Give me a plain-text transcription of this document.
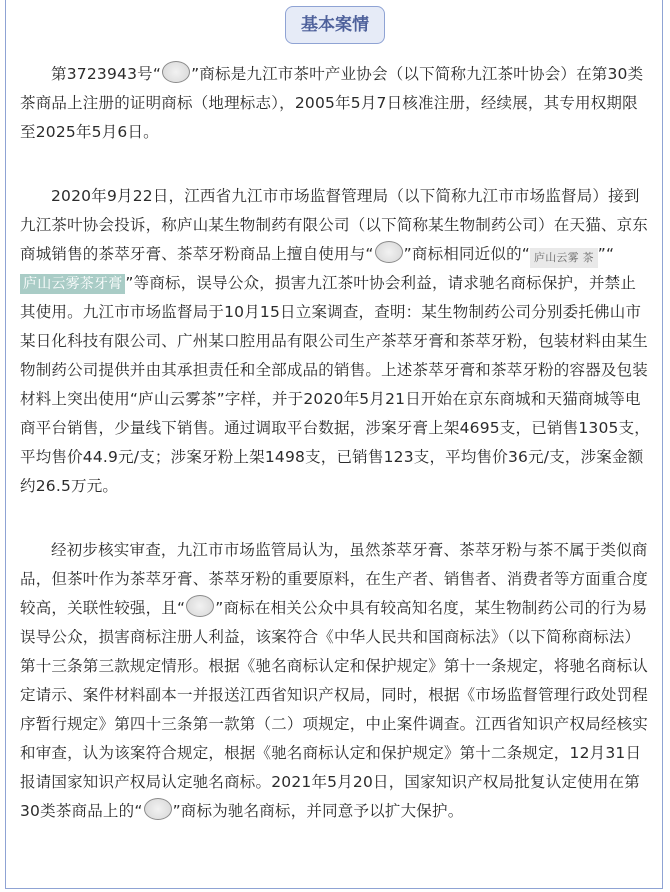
基本案情

第3723943号“ ”商标是九江市茶叶产业协会（以下简称九江茶叶协会）在第30类茶商品上注册的证明商标（地理标志），2005年5月7日核准注册，经续展，其专用权期限至2025年5月6日。

2020年9月22日，江西省九江市市场监督管理局（以下简称九江市市场监督局）接到九江茶叶协会投诉，称庐山某生物制药有限公司（以下简称某生物制药公司）在天猫、京东商城销售的茶萃牙膏、茶萃牙粉商品上擅自使用与“ ”商标相同近似的“ 庐山云雾 茶 ”“庐山云雾茶牙膏 ”等商标，误导公众，损害九江茶叶协会利益，请求驰名商标保护，并禁止其使用。九江市市场监督局于10月15日立案调查，查明：某生物制药公司分别委托佛山市某日化科技有限公司、广州某口腔用品有限公司生产茶萃牙膏和茶萃牙粉，包装材料由某生物制药公司提供并由其承担责任和全部成品的销售。上述茶萃牙膏和茶萃牙粉的容器及包装材料上突出使用“庐山云雾茶”字样，并于2020年5月21日开始在京东商城和天猫商城等电商平台销售，少量线下销售。通过调取平台数据，涉案牙膏上架4695支，已销售1305支，平均售价44.9元/支；涉案牙粉上架1498支，已销售123支，平均售价36元/支，涉案金额约26.5万元。

经初步核实审查，九江市市场监管局认为，虽然茶萃牙膏、茶萃牙粉与茶不属于类似商品，但茶叶作为茶萃牙膏、茶萃牙粉的重要原料，在生产者、销售者、消费者等方面重合度较高，关联性较强，且“ ”商标在相关公众中具有较高知名度，某生物制药公司的行为易误导公众，损害商标注册人利益，该案符合《中华人民共和国商标法》（以下简称商标法）第十三条第三款规定情形。根据《驰名商标认定和保护规定》第十一条规定，将驰名商标认定请示、案件材料副本一并报送江西省知识产权局，同时，根据《市场监督管理行政处罚程序暂行规定》第四十三条第一款第（二）项规定，中止案件调查。江西省知识产权局经核实和审查，认为该案符合规定，根据《驰名商标认定和保护规定》第十二条规定，12月31日报请国家知识产权局认定驰名商标。2021年5月20日，国家知识产权局批复认定使用在第30类茶商品上的“ ”商标为驰名商标，并同意予以扩大保护。
